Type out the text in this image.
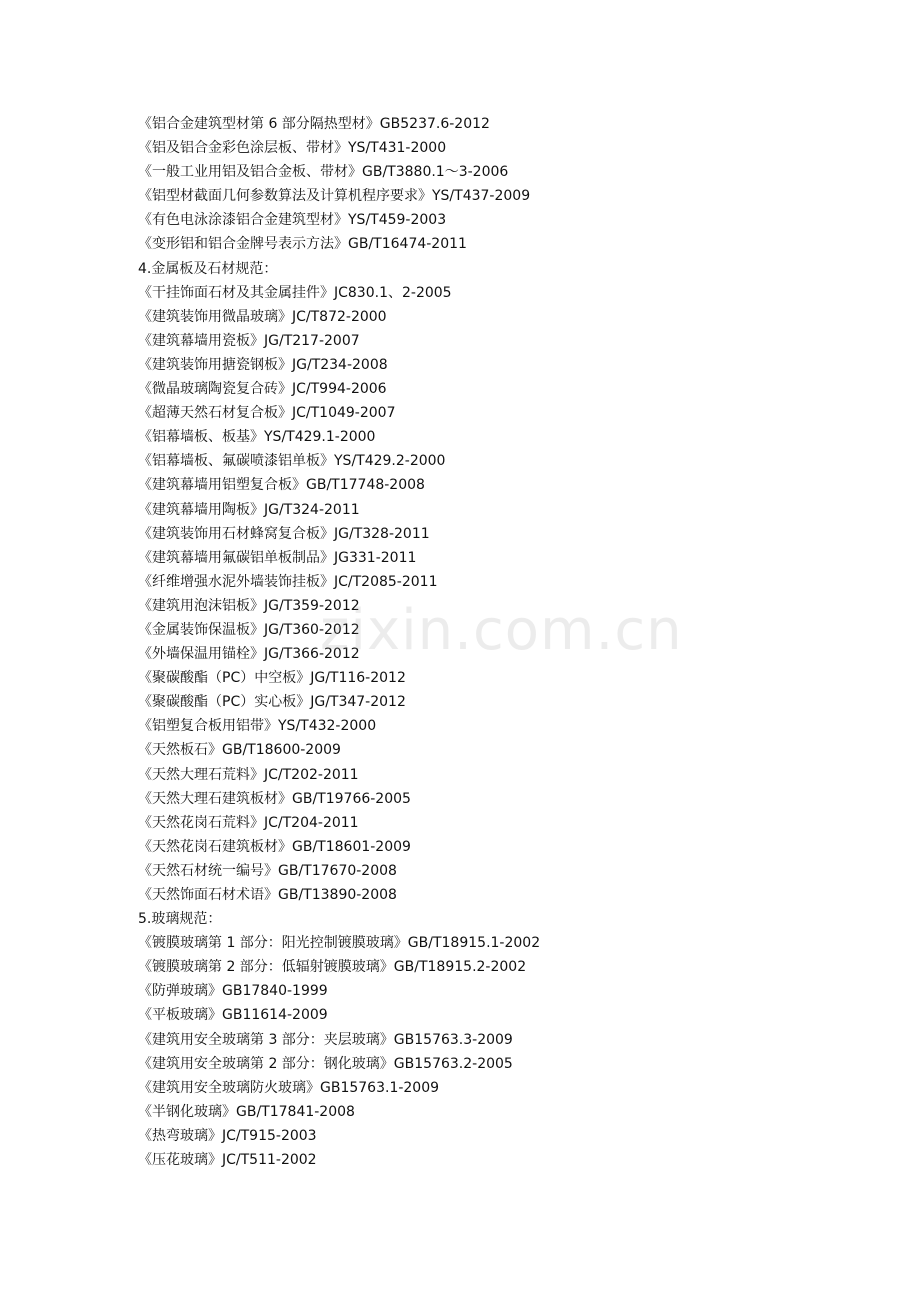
《铝合金建筑型材第 6 部分隔热型材》GB5237.6-2012
《铝及铝合金彩色涂层板、带材》YS/T431-2000
《一般工业用铝及铝合金板、带材》GB/T3880.1～3-2006
《铝型材截面几何参数算法及计算机程序要求》YS/T437-2009
《有色电泳涂漆铝合金建筑型材》YS/T459-2003
《变形铝和铝合金牌号表示方法》GB/T16474-2011
4.金属板及石材规范：
《干挂饰面石材及其金属挂件》JC830.1、2-2005
《建筑装饰用微晶玻璃》JC/T872-2000
《建筑幕墙用瓷板》JG/T217-2007
《建筑装饰用搪瓷钢板》JG/T234-2008
《微晶玻璃陶瓷复合砖》JC/T994-2006
《超薄天然石材复合板》JC/T1049-2007
《铝幕墙板、板基》YS/T429.1-2000
《铝幕墙板、氟碳喷漆铝单板》YS/T429.2-2000
《建筑幕墙用铝塑复合板》GB/T17748-2008
《建筑幕墙用陶板》JG/T324-2011
《建筑装饰用石材蜂窝复合板》JG/T328-2011
《建筑幕墙用氟碳铝单板制品》JG331-2011
《纤维增强水泥外墙装饰挂板》JC/T2085-2011
《建筑用泡沫铝板》JG/T359-2012
《金属装饰保温板》JG/T360-2012
《外墙保温用锚栓》JG/T366-2012
《聚碳酸酯（PC）中空板》JG/T116-2012
《聚碳酸酯（PC）实心板》JG/T347-2012
《铝塑复合板用铝带》YS/T432-2000
《天然板石》GB/T18600-2009
《天然大理石荒料》JC/T202-2011
《天然大理石建筑板材》GB/T19766-2005
《天然花岗石荒料》JC/T204-2011
《天然花岗石建筑板材》GB/T18601-2009
《天然石材统一编号》GB/T17670-2008
《天然饰面石材术语》GB/T13890-2008
5.玻璃规范：
《镀膜玻璃第 1 部分：阳光控制镀膜玻璃》GB/T18915.1-2002
《镀膜玻璃第 2 部分：低辐射镀膜玻璃》GB/T18915.2-2002
《防弹玻璃》GB17840-1999
《平板玻璃》GB11614-2009
《建筑用安全玻璃第 3 部分：夹层玻璃》GB15763.3-2009
《建筑用安全玻璃第 2 部分：钢化玻璃》GB15763.2-2005
《建筑用安全玻璃防火玻璃》GB15763.1-2009
《半钢化玻璃》GB/T17841-2008
《热弯玻璃》JC/T915-2003
《压花玻璃》JC/T511-2002
zixin.com.cn
